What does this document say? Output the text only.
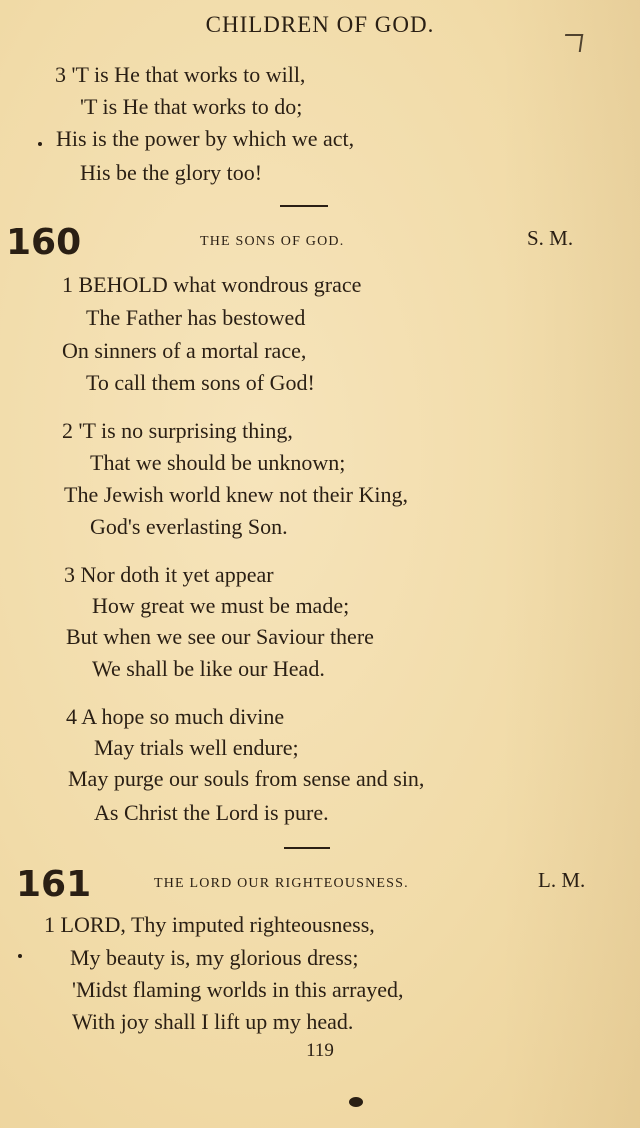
CHILDREN OF GOD.
3 'T is He that works to will,
'T is He that works to do;
His is the power by which we act,
His be the glory too!
160	THE SONS OF GOD.	S. M.
1 BEHOLD what wondrous grace
The Father has bestowed
On sinners of a mortal race,
To call them sons of God!
2 'T is no surprising thing,
That we should be unknown;
The Jewish world knew not their King,
God's everlasting Son.
3 Nor doth it yet appear
How great we must be made;
But when we see our Saviour there
We shall be like our Head.
4 A hope so much divine
May trials well endure;
May purge our souls from sense and sin,
As Christ the Lord is pure.
161	THE LORD OUR RIGHTEOUSNESS.	L. M.
1 LORD, Thy imputed righteousness,
My beauty is, my glorious dress;
'Midst flaming worlds in this arrayed,
With joy shall I lift up my head.
119
